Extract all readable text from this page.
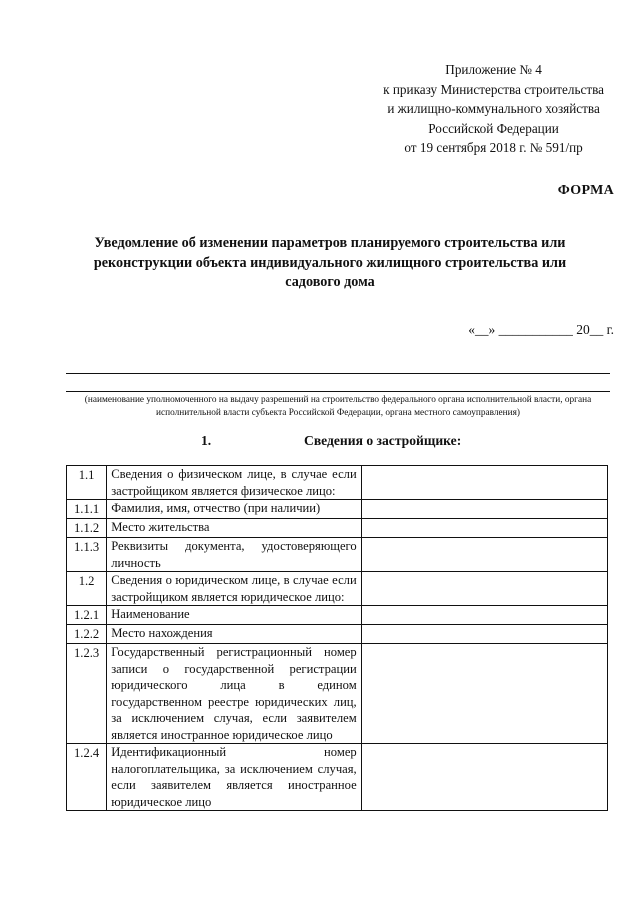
Приложение № 4
к приказу Министерства строительства
и жилищно-коммунального хозяйства
Российской Федерации
от 19 сентября 2018 г. № 591/пр
ФОРМА
Уведомление об изменении параметров планируемого строительства или
реконструкции объекта индивидуального жилищного строительства или
садового дома
«__» ___________ 20__ г.
(наименование уполномоченного на выдачу разрешений на строительство федерального органа исполнительной власти, органа исполнительной власти субъекта Российской Федерации, органа местного самоуправления)
1.	Сведения о застройщике:
1.1	Сведения о физическом лице, в случае если застройщиком является физическое лицо:	
1.1.1	Фамилия, имя, отчество (при наличии)	
1.1.2	Место жительства	
1.1.3	Реквизиты документа, удостоверяющего личность	
1.2	Сведения о юридическом лице, в случае если застройщиком является юридическое лицо:	
1.2.1	Наименование	
1.2.2	Место нахождения	
1.2.3	Государственный регистрационный номер записи о государственной регистрации юридического лица в едином государственном реестре юридических лиц, за исключением случая, если заявителем является иностранное юридическое лицо	
1.2.4	Идентификационный номер налогоплательщика, за исключением случая, если заявителем является иностранное юридическое лицо	
